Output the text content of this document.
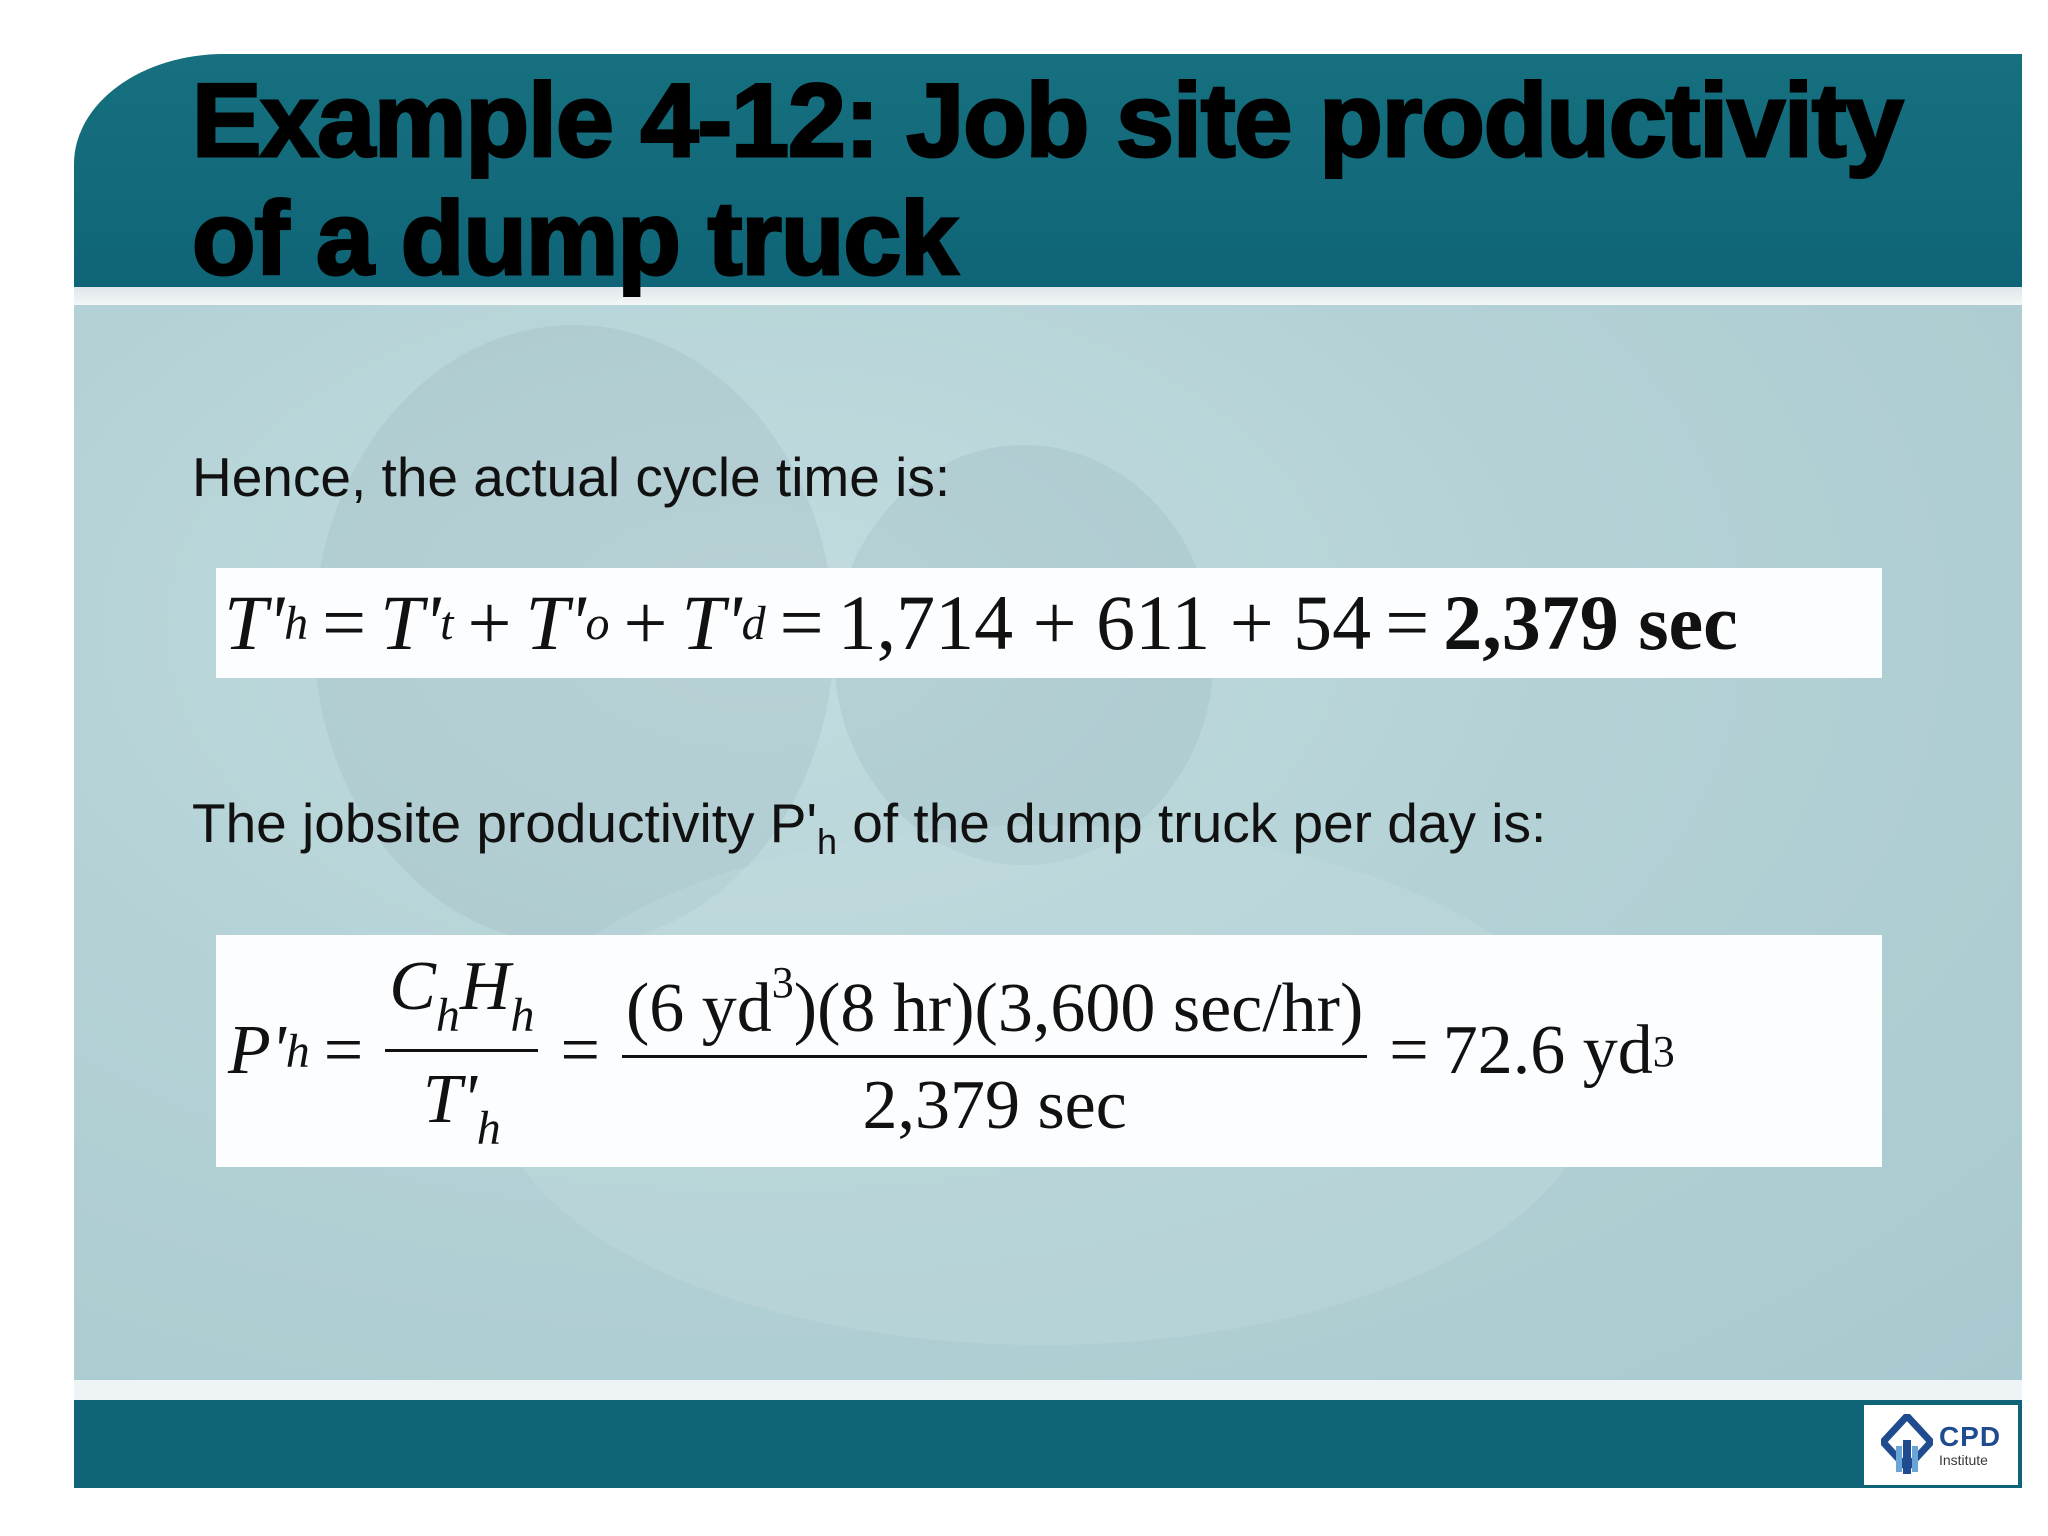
CPD
Institute
Example 4-12: Job site productivity of a dump truck

Hence, the actual cycle time is:

T' h = T' t + T' o + T' d = 1,714 + 611 + 54 = 2,379 sec

The jobsite productivity $P'_h$ of the dump truck per day is:

P' $h = \frac{C_hH_h}{T'_h} = \frac{(6 yd^3)(8 hr)(3,600 \sec/hr)}{2,379 \sec} = 72.6$ yd 3
